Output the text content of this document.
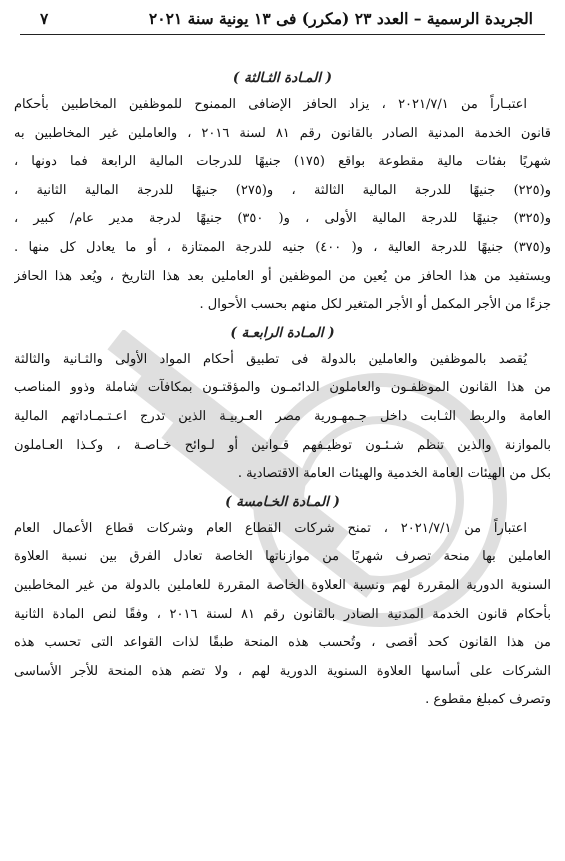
الجريدة الرسمية – العدد ٢٣ (مكرر) فى ١٣ يونية سنة ٢٠٢١
٧
( المـادة الثـالثة )
اعتبـاراً من ٢٠٢١/٧/١ ، يزاد الحافز الإضافى الممنوح للموظفين المخاطبين بأحكام
قانون الخدمة المدنية الصادر بالقانون رقم ٨١ لسنة ٢٠١٦ ، والعاملين غير المخاطبين به
شهريًا بفئات مالية مقطوعة بواقع (١٧٥) جنيهًا للدرجات المالية الرابعة فما دونها ،
و(٢٢٥) جنيهًا للدرجة المالية الثالثة ، و(٢٧٥) جنيهًا للدرجة المالية الثانية ،
و(٣٢٥) جنيهًا للدرجة المالية الأولى ، و( ٣٥٠) جنيهًا لدرجة مدير عام/ كبير ،
و(٣٧٥) جنيهًا للدرجة العالية ، و( ٤٠٠) جنيه للدرجة الممتازة ، أو ما يعادل كل منها .
ويستفيد من هذا الحافز من يُعين من الموظفين أو العاملين بعد هذا التاريخ ، ويُعد هذا الحافز
جزءًا من الأجر المكمل أو الأجر المتغير لكل منهم بحسب الأحوال .
( المـادة الرابعـة )
يُقصد بالموظفين والعاملين بالدولة فى تطبيق أحكام المواد الأولى والثـانية والثالثة
من هذا القانون الموظفـون والعاملون الدائمـون والمؤقتـون بمكافآت شاملة وذوو المناصب
العامة والربط الثـابت داخل جـمهـورية مصر العـربيـة الذين تدرج اعـتـمـاداتهم المالية
بالموازنة والذين تنظم شـئـون توظيـفهم قـوانين أو لـوائح خـاصـة ، وكـذا العـاملون
بكل من الهيئات العامة الخدمية والهيئات العامة الاقتصادية .
( المـادة الخـامسة )
اعتباراً من ٢٠٢١/٧/١ ، تمنح شركات القطاع العام وشركات قطاع الأعمال العام
العاملين بها منحة تصرف شهريًا من موازناتها الخاصة تعادل الفرق بين نسبة العلاوة
السنوية الدورية المقررة لهم ونسبة العلاوة الخاصة المقررة للعاملين بالدولة من غير المخاطبين
بأحكام قانون الخدمة المدنية الصادر بالقانون رقم ٨١ لسنة ٢٠١٦ ، وفقًا لنص المادة الثانية
من هذا القانون كحد أقصى ، وتُحسب هذه المنحة طبقًا لذات القواعد التى تحسب هذه
الشركات على أساسها العلاوة السنوية الدورية لهم ، ولا تضم هذه المنحة للأجر الأساسى
وتصرف كمبلغ مقطوع .
